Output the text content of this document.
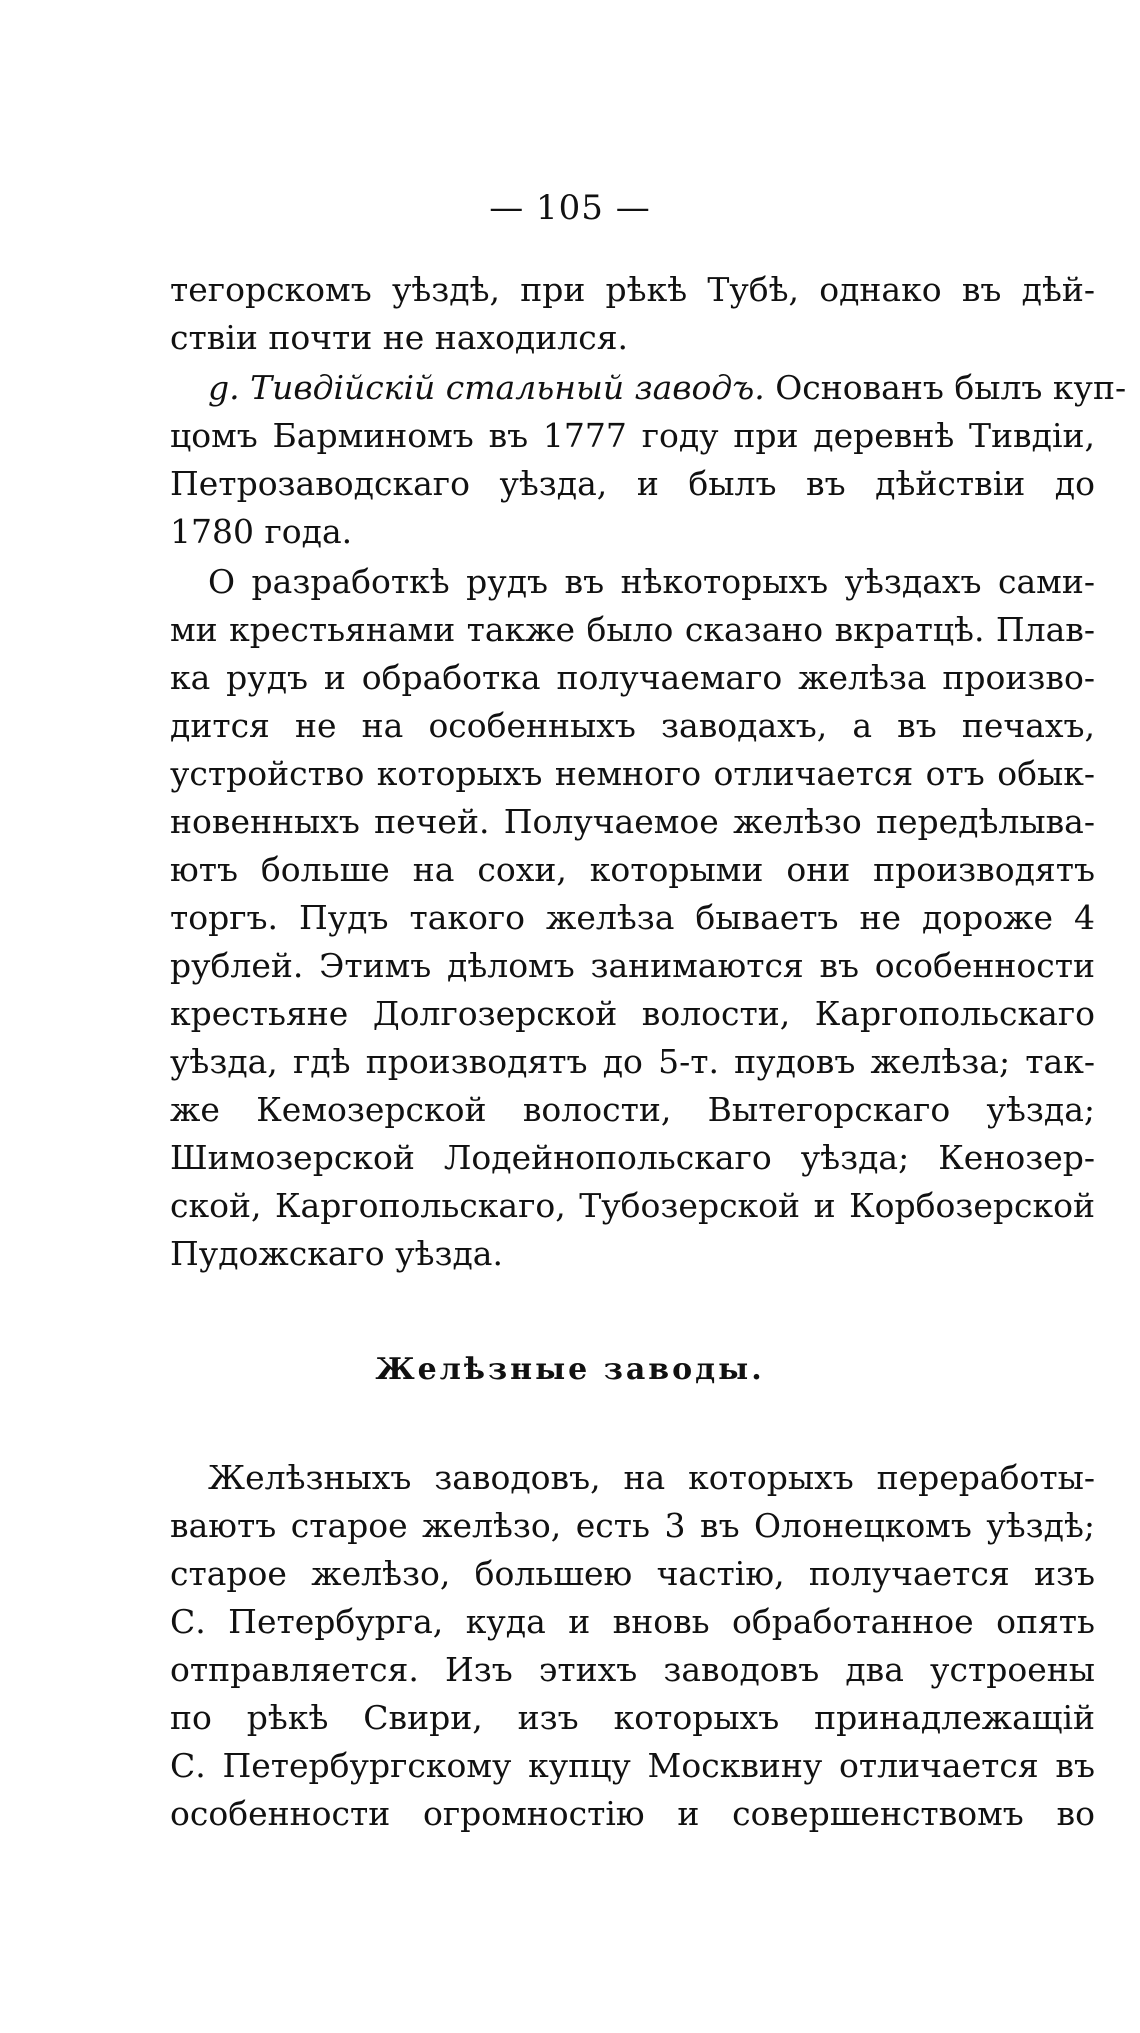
— 105 —
тегорскомъ уѣздѣ, при рѣкѣ Тубѣ, однако въ дѣй-
ствіи почти не находился.
g. Тивдійскій стальный заводъ. Основанъ былъ куп-
цомъ Барминомъ въ 1777 году при деревнѣ Тивдіи,
Петрозаводскаго уѣзда, и былъ въ дѣйствіи до
1780 года.
О разработкѣ рудъ въ нѣкоторыхъ уѣздахъ сами-
ми крестьянами также было сказано вкратцѣ. Плав-
ка рудъ и обработка получаемаго желѣза произво-
дится не на особенныхъ заводахъ, а въ печахъ,
устройство которыхъ немного отличается отъ обык-
новенныхъ печей. Получаемое желѣзо передѣлыва-
ютъ больше на сохи, которыми они производятъ
торгъ. Пудъ такого желѣза бываетъ не дороже 4
рублей. Этимъ дѣломъ занимаются въ особенности
крестьяне Долгозерской волости, Каргопольскаго
уѣзда, гдѣ производятъ до 5-т. пудовъ желѣза; так-
же Кемозерской волости, Вытегорскаго уѣзда;
Шимозерской Лодейнопольскаго уѣзда; Кенозер-
ской, Каргопольскаго, Тубозерской и Корбозерской
Пудожскаго уѣзда.
Желѣзные заводы.
Желѣзныхъ заводовъ, на которыхъ переработы-
ваютъ старое желѣзо, есть 3 въ Олонецкомъ уѣздѣ;
старое желѣзо, большею частію, получается изъ
С. Петербурга, куда и вновь обработанное опять
отправляется. Изъ этихъ заводовъ два устроены
по рѣкѣ Свири, изъ которыхъ принадлежащій
С. Петербургскому купцу Москвину отличается въ
особенности огромностію и совершенствомъ во
